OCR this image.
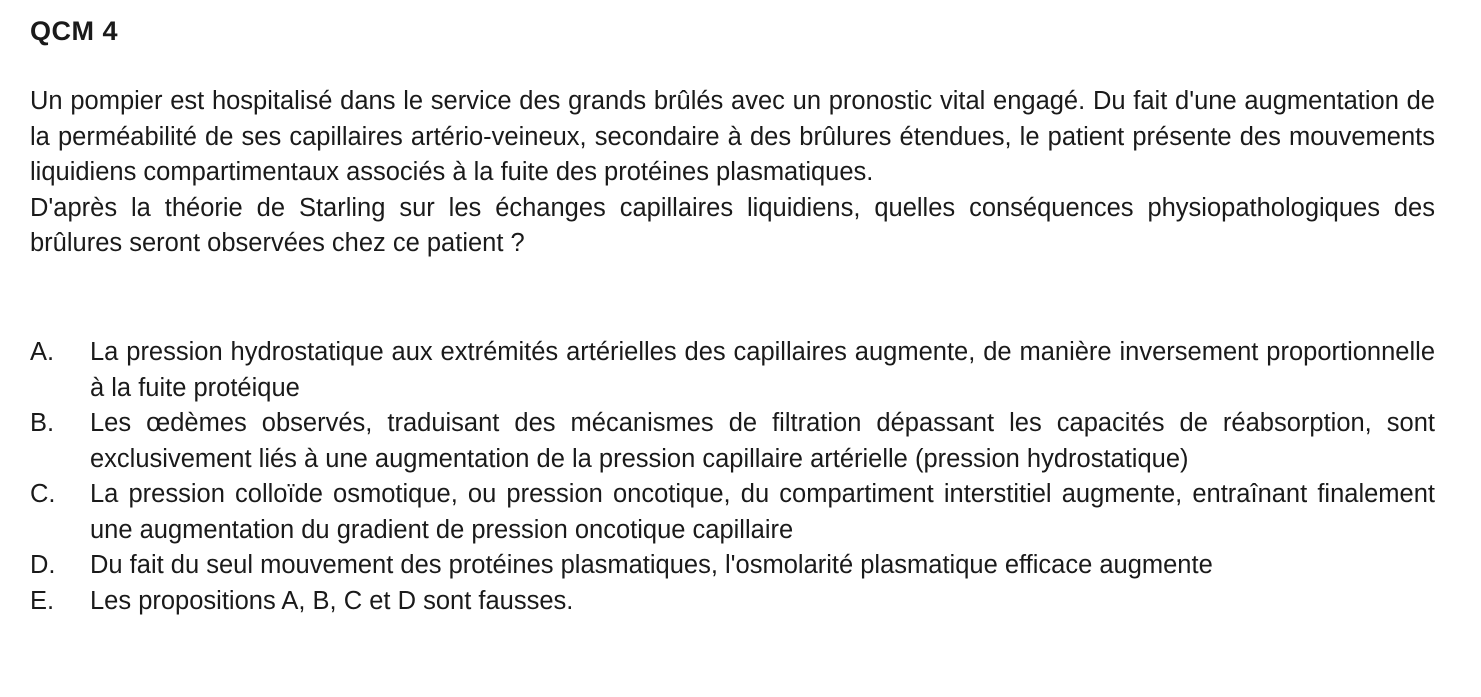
QCM 4

Un pompier est hospitalisé dans le service des grands brûlés avec un pronostic vital engagé. Du fait d'une augmentation de la perméabilité de ses capillaires artério-veineux, secondaire à des brûlures étendues, le patient présente des mouvements liquidiens compartimentaux associés à la fuite des protéines plasmatiques.

D'après la théorie de Starling sur les échanges capillaires liquidiens, quelles conséquences physiopathologiques des brûlures seront observées chez ce patient ?

A.	La pression hydrostatique aux extrémités artérielles des capillaires augmente, de manière inversement proportionnelle à la fuite protéique
B.	Les œdèmes observés, traduisant des mécanismes de filtration dépassant les capacités de réabsorption, sont exclusivement liés à une augmentation de la pression capillaire artérielle (pression hydrostatique)
C.	La pression colloïde osmotique, ou pression oncotique, du compartiment interstitiel augmente, entraînant finalement une augmentation du gradient de pression oncotique capillaire
D.	Du fait du seul mouvement des protéines plasmatiques, l'osmolarité plasmatique efficace augmente
E.	Les propositions A, B, C et D sont fausses.
